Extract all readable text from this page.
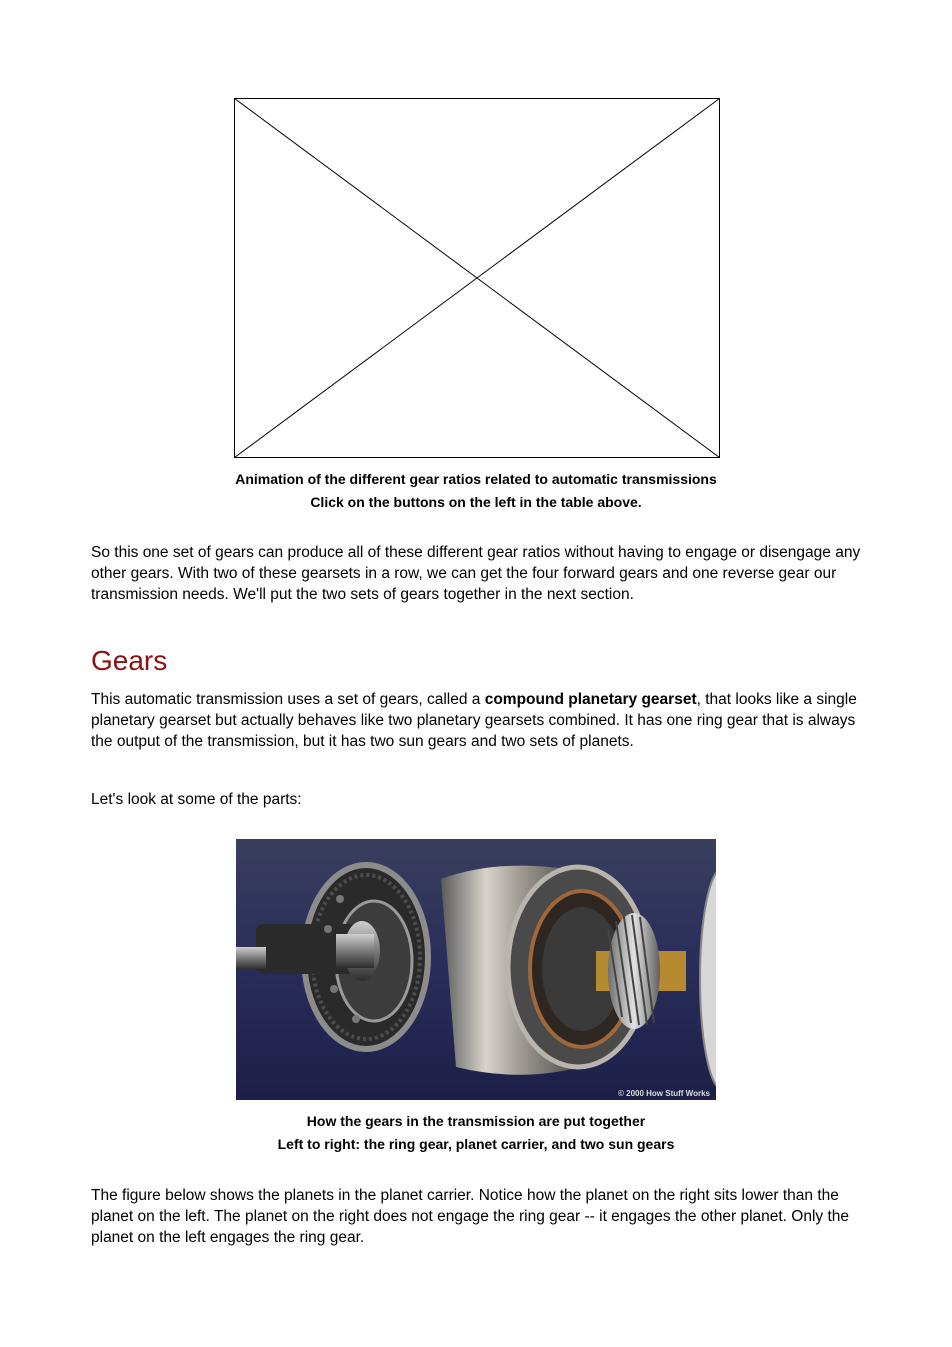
Animation of the different gear ratios related to automatic transmissions
Click on the buttons on the left in the table above.

So this one set of gears can produce all of these different gear ratios without having to engage or disengage any other gears. With two of these gearsets in a row, we can get the four forward gears and one reverse gear our transmission needs. We'll put the two sets of gears together in the next section.

Gears

This automatic transmission uses a set of gears, called a compound planetary gearset, that looks like a single planetary gearset but actually behaves like two planetary gearsets combined. It has one ring gear that is always the output of the transmission, but it has two sun gears and two sets of planets.

Let's look at some of the parts:

© 2000 How Stuff Works
How the gears in the transmission are put together
Left to right: the ring gear, planet carrier, and two sun gears

The figure below shows the planets in the planet carrier. Notice how the planet on the right sits lower than the planet on the left. The planet on the right does not engage the ring gear -- it engages the other planet. Only the planet on the left engages the ring gear.
